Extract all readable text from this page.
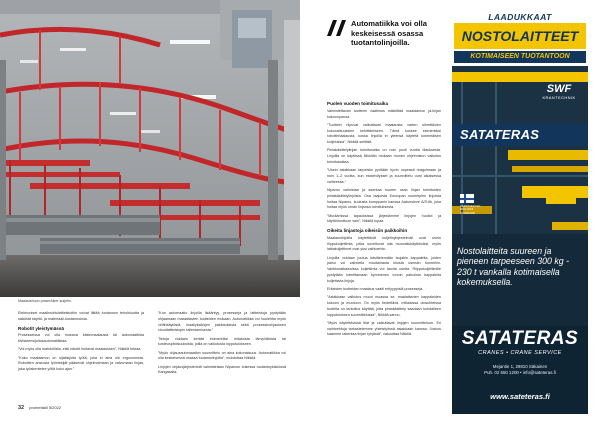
Maalaushuon powerAlker-kuljetin.

Elektroniset maalinsiirtolaitteistoihin voivat liittää tuotannon tehokkuutta ja sääöstä käyttö- ja materiaali-kustannuksia.

Robotit yleistymässä

Prosesseissa voi olla mukana käsinmaalausta tai automaattista tiivisteensijoitusautomatiikkaa.

”Voi myös olla mahdollista, että robotit hoitavat maalauksen”, Nikkilä toteaa.

”Koko maalaamon on sijaitsijoita työtä, joka ei aina ole ergonomista. Robottien ansiosta työntekijät pääsevät ohjelmoimaan ja valvomaan linjaa, joka työskentelee yöllä koko ajan.”

”Kun automaatio linjoilla lisääntyy, prosesseja ja laitteistoja pystytään ohjaamaan maalattavien tuotteiden mukaan. Automatiikka voi huolehtia myös viritinkäytöstä, maaliyksiköjen pakkauksista sekä prosessinohjauksen cloudlaitteistojen tallentamisesta.”

Tietoja voidaan kerätä esimerkiksi mitatuista lämpötiloista tai kosteuspitoisuuksista, joilla on vaikutusta lopputulokseen.

”Myös ohjausautomaation suunnittelu on aina kokonaisuus. Automatiikka voi olla keskeisessä osassa tuotantolinjoilla”, muistuttaa Nikkilä.

Linjojen ohjausjärjestelmiä valmistetaan Nipamon toisessa tuotantoyksikössä Kangasalla.

32 promettalli 5/2022
Automatiikka voi olla keskeisessä osassa tuotantolinjoilla.
Puolen vuoden toimitusaika

Valmistettavan tuotteen vaatimus määrittää maalaamon ja-linjan kokoonpanoa.

”Tuotteet riipuvat vaikuttavat maalausta varten siirrettävien kokonaisuuksien kehittämiseen. Tämä koskee esimerkiksi robottimaalausta, koska linjoilla ei yleensä käytetä konemäisen kuljetuksia”, Nikkilä selittää.

Pintakäsittelylinjan toimitusaika on noin puoli vuotta tilauksesta. Linjoilla on käytössä Nikkilän mukaan monen ohjelmiston vaikutus toimitusaikaa.

”Usein asiakkaan tarpeisiin pyritään hyvin nopeasti reagoimaan ja noin 1–2 vuotta, kun esiselvitykset ja suunnittelu ovat aikaisessa vaiheessa.”

Nipamo valmistaa ja asentaa suuren osan linjan toimitusten pintakäsittelylinjoista. Osa laajoista Euroopan suurimpien linjoista hoitaa Nipamo, kuulusta kumppanin kanssa Aaborsleve A/S:llä, joka hoitaa myös oman linjansa toimituksesta.

”Muutamissa tapauksissa järjestämme linjojen huollot ja käyttöönottoon vain”, Nikkilä lupaa.

Oikeita linjastoja oikeisiin paikkoihin

Maalauslinjoilla käytettävät kuljetinjärjestelmät ovat usein riippukuljettimia, jotka soveltuvat olla muovailukäyttöisiksi, myös lattiakuljettimet ovat yksi vaihtoehto.

Linjoilla voidaan joutua käsittelemään isojakin kappaleita, joiden paino voi vaihdella muutamasta kilosta useisiin tonneihin. Varikkoratkaisuissa kuljettimia voi tarvita useita. Riippukuljettimille pystytään toimittamaan kymmenen tonnin painoisia kappaleita kuljettavia linjoja.

Erilaisten tuotteiden maalaus vaatii erityyppisiä prosesseja.

”Asiakkaan vaikutus muun muassa se, maalattavien kappaleiden kokoon ja muotoon. On myös tiedettävä, millaisissa olosuhteissa tuotetta on tarkoitus käyttää, jotta pintakäsittely saadaan kohdalleen lopputuloksen suunnittelussa”, Nikkilä sanoo.

”Myös käytettävissä tilat ja vaikuttavat linjojen suunnitteluun. Eri vaihtoehtoja tarkastelemme yhteistyössä asiakkaan kanssa. Joskus saamme rakentaa linjan tyhjästä”, vakuuttaa Nikkilä.

LAADUKKAAT
NOSTOLAITTEET
KOTIMAISEEN TUOTANTOON
SWF
KRANTECHNIK
SATATERAS
CERTIFIED ISO 9001:2015 STANDARD
Nostolaitteita suureen ja pieneen tarpeeseen 300 kg - 230 t vankalla kotimaisella kokemuksella.
SATATERAS
CRANES • CRANE SERVICE
Mejantie 1, 29810 Säkainen
Puh. 02 550 1200 • info@sateteras.fi
www.sateteras.fi
